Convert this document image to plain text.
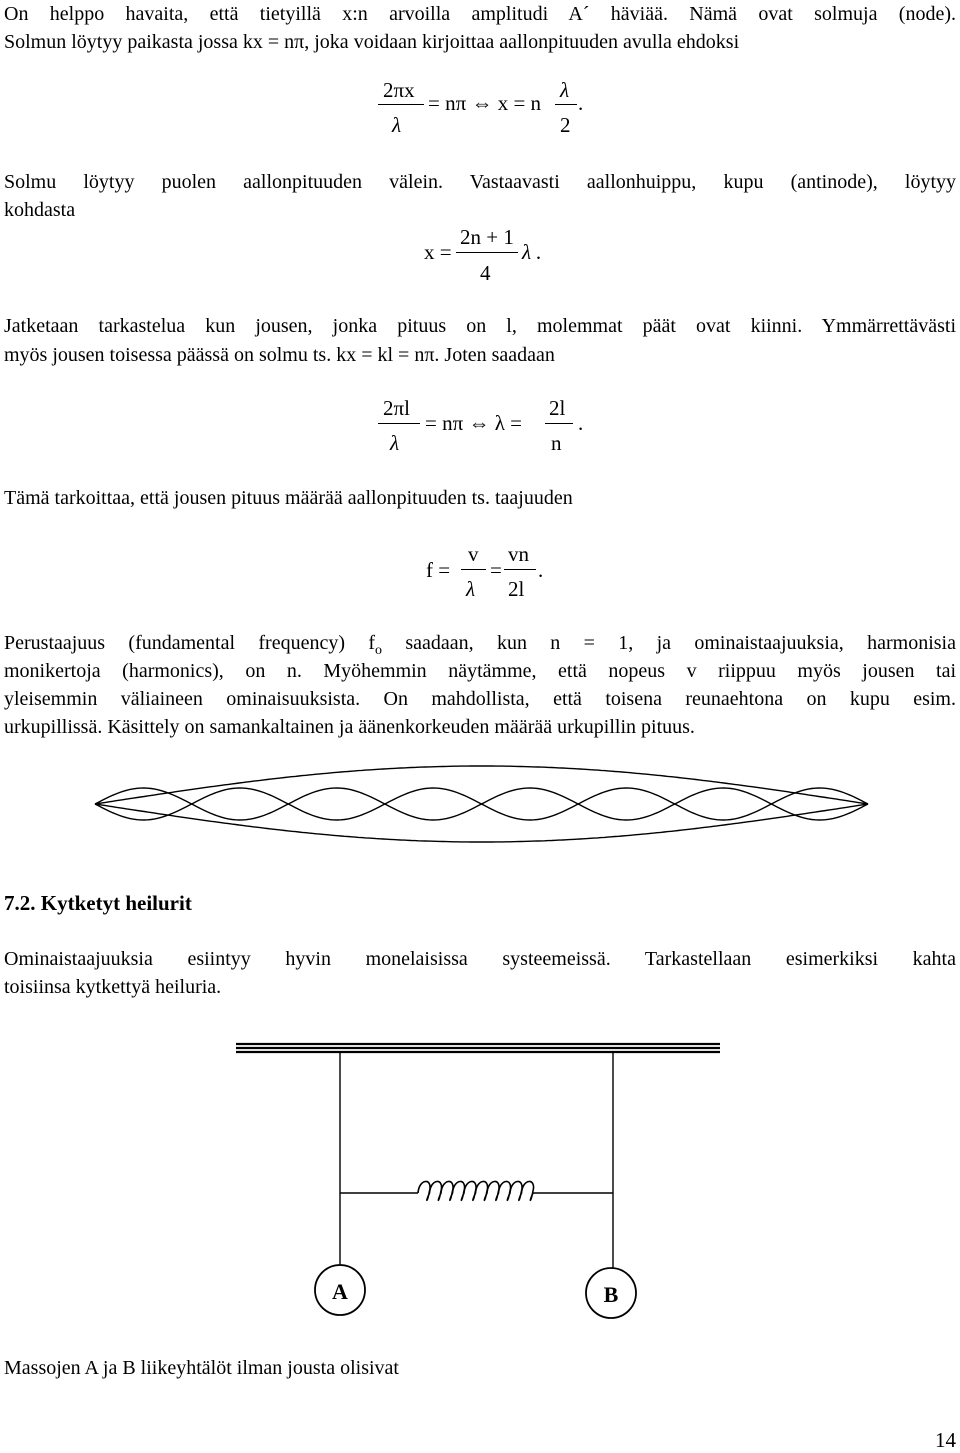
On helppo havaita, että tietyillä x:n arvoilla amplitudi A´ häviää. Nämä ovat solmuja (node).

Solmun löytyy paikasta jossa kx = nπ, joka voidaan kirjoittaa aallonpituuden avulla ehdoksi

2πx
λ
= nπ ⇔ x = n
λ
2
.

Solmu löytyy puolen aallonpituuden välein. Vastaavasti aallonhuippu, kupu (antinode), löytyy

kohdasta

x =
2n + 1
4
λ .

Jatketaan tarkastelua kun jousen, jonka pituus on l, molemmat päät ovat kiinni. Ymmärrettävästi

myös jousen toisessa päässä on solmu ts. kx = kl = nπ. Joten saadaan

2πl
λ
= nπ ⇔ λ =
2l
n
.

Tämä tarkoittaa, että jousen pituus määrää aallonpituuden ts. taajuuden

f =
v
λ
=
vn
2l
.

Perustaajuus (fundamental frequency) $f_o$ saadaan, kun n = 1, ja ominaistaajuuksia, harmonisia

monikertoja (harmonics), on n. Myöhemmin näytämme, että nopeus v riippuu myös jousen tai

yleisemmin väliaineen ominaisuuksista. On mahdollista, että toisena reunaehtona on kupu esim.

urkupillissä. Käsittely on samankaltainen ja äänenkorkeuden määrää urkupillin pituus.

7.2. Kytketyt heilurit

Ominaistaajuuksia esiintyy hyvin monelaisissa systeemeissä. Tarkastellaan esimerkiksi kahta

toisiinsa kytkettyä heiluria.

A	B

Massojen A ja B liikeyhtälöt ilman jousta olisivat

14
